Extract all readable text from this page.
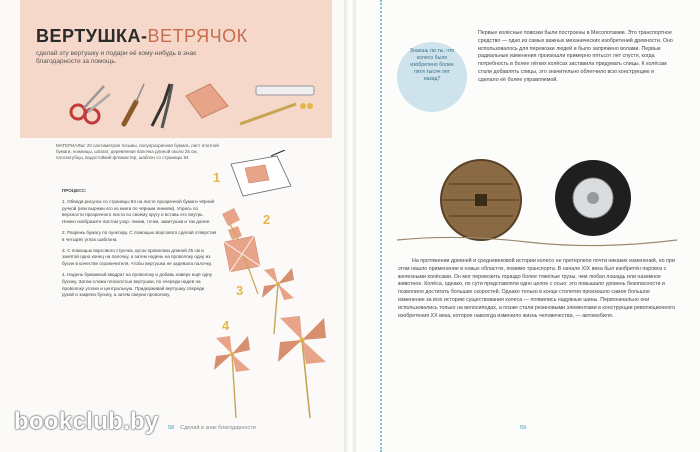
ВЕРТУШКА-ВЕТРЯЧОК
сделай эту вертушку и подари её кому-нибудь в знак благодарности за помощь.
МАТЕРИАЛЫ: 20 сантиметров тесьмы, полупрозрачная бумага, лист плотной бумаги, ножницы, шпагат, деревянная палочка длиной около 25 см, плоскогубцы, водостойкий фломастер, шаблон со страницы 94

ПРОЦЕСС:

1. Обведи рисунок со страницы 94 на листе прозрачной бумаги чёрной ручкой (или вырежи его из книги по чёрным линиям). Упрись по верхности прозрачного листа по своему кругу и вставь его внутрь. Нежно изобразите листом узор: линии, точки, завитушки и так далее.

2. Разрежь бумагу по пунктиру. С помощью ворсового сделай отверстия в четырёх углах шаблона.

3. С помощью ворсового строчка, кусок проволоки длиной 25 см и занятой одно конец на палочку, а затем надень на проволоку одну из бусин в качестве ограничителя, чтобы вертушка не задевала палочку.

4. Надень бумажный квадрат на проволоку и добавь наверх ещё одну бусину. Затем сложи плоскостью вертушки, по очереди надев на проволоку уголки и центральную. Придерживай вертушку спереди рукой и закрепи бусину, а затем сверни проволоку.

1
2
3
4
58 Сделай в знак благодарности
bookclub.by
Знаешь ли ты, что колесо было изобретено более пяти тысяч лет назад?
Первые колёсные повозки были построены в Месопотамии. Это транспортное средство — одно из самых важных механических изобретений древности. Оно использовалось для перевозки людей и было запряжено волами. Первые радиальные изменения произошли примерно пятьсот лет спустя, когда потребность в более лёгких колёсах заставила придумать спицы. К колёсам стали добавлять спицы, это значительно облегчило всю конструкцию и сделало её более управляемой.
На протяжении древней и средневековой истории колесо не претерпело почти никаких изменений, но при этом нашло применение в новых областях, помимо транспорта. В начале XIX века был изобретён паровоз с железными колёсами. Он мог перевозить гораздо более тяжёлые грузы, чем любая лошадь или наземное животное. Колёса, однако, по сути представляли одно целое с осью: это повышало уровень безопасности и позволило достигать больших скоростей. Однако только в конце столетия произошло самое большое изменение за всю историю существования колеса — появились надувные шины. Первоначально они использовались только на велосипедах, а позже стали резиновыми элементами в конструкции революционного изобретения XX века, которое навсегда изменило жизнь человечества, — автомобиля.
59
